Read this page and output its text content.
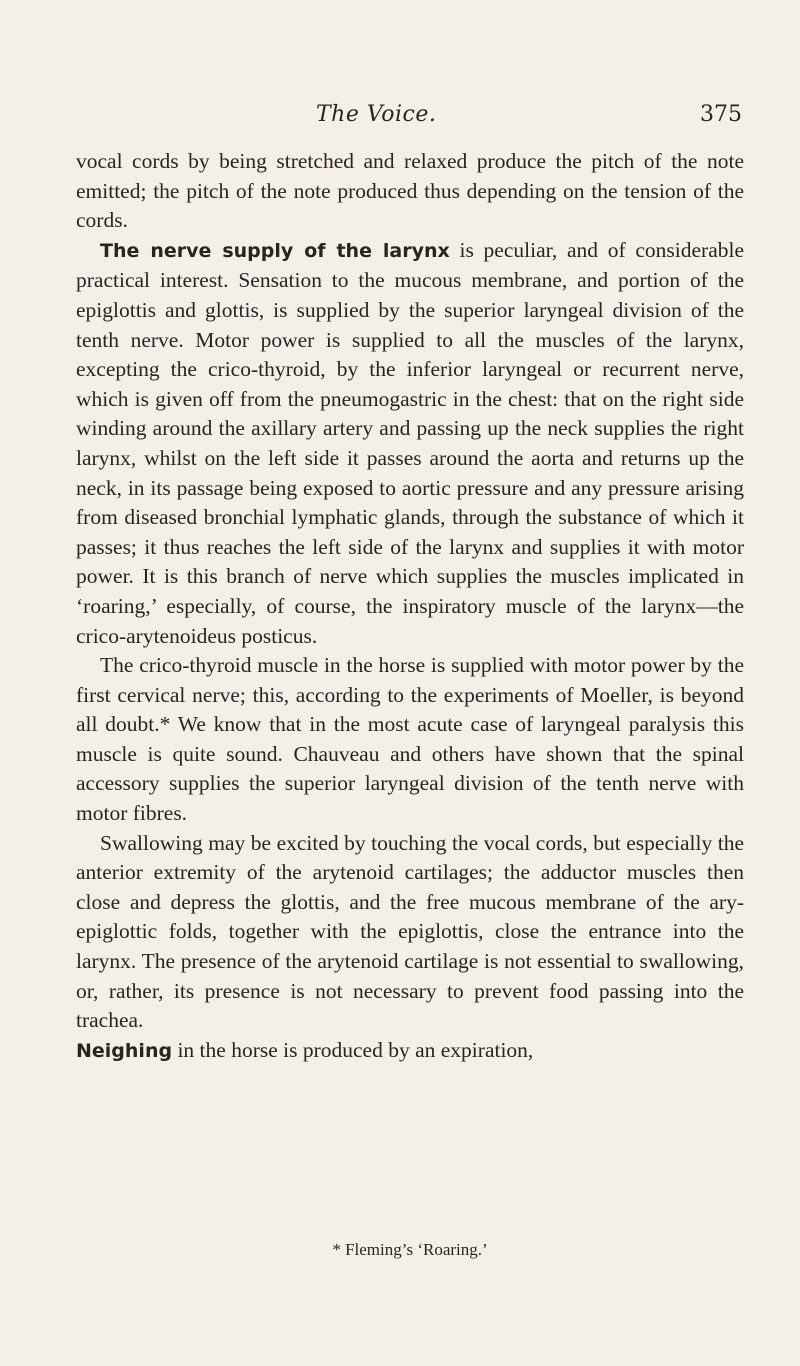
The Voice.	375

vocal cords by being stretched and relaxed produce the pitch of the note emitted; the pitch of the note produced thus depending on the tension of the cords.

The nerve supply of the larynx is peculiar, and of considerable practical interest. Sensation to the mucous membrane, and portion of the epiglottis and glottis, is supplied by the superior laryngeal division of the tenth nerve. Motor power is supplied to all the muscles of the larynx, excepting the crico-thyroid, by the inferior laryngeal or recurrent nerve, which is given off from the pneumogastric in the chest: that on the right side winding around the axillary artery and passing up the neck supplies the right larynx, whilst on the left side it passes around the aorta and returns up the neck, in its passage being exposed to aortic pressure and any pressure arising from diseased bronchial lymphatic glands, through the substance of which it passes; it thus reaches the left side of the larynx and supplies it with motor power. It is this branch of nerve which supplies the muscles implicated in ‘roaring,’ especially, of course, the inspiratory muscle of the larynx—the crico-arytenoideus posticus.

The crico-thyroid muscle in the horse is supplied with motor power by the first cervical nerve; this, according to the experiments of Moeller, is beyond all doubt.* We know that in the most acute case of laryngeal paralysis this muscle is quite sound. Chauveau and others have shown that the spinal accessory supplies the superior laryngeal division of the tenth nerve with motor fibres.

Swallowing may be excited by touching the vocal cords, but especially the anterior extremity of the arytenoid cartilages; the adductor muscles then close and depress the glottis, and the free mucous membrane of the ary-epiglottic folds, together with the epiglottis, close the entrance into the larynx. The presence of the arytenoid cartilage is not essential to swallowing, or, rather, its presence is not necessary to prevent food passing into the trachea.

Neighing in the horse is produced by an expiration,

* Fleming’s ‘Roaring.’
